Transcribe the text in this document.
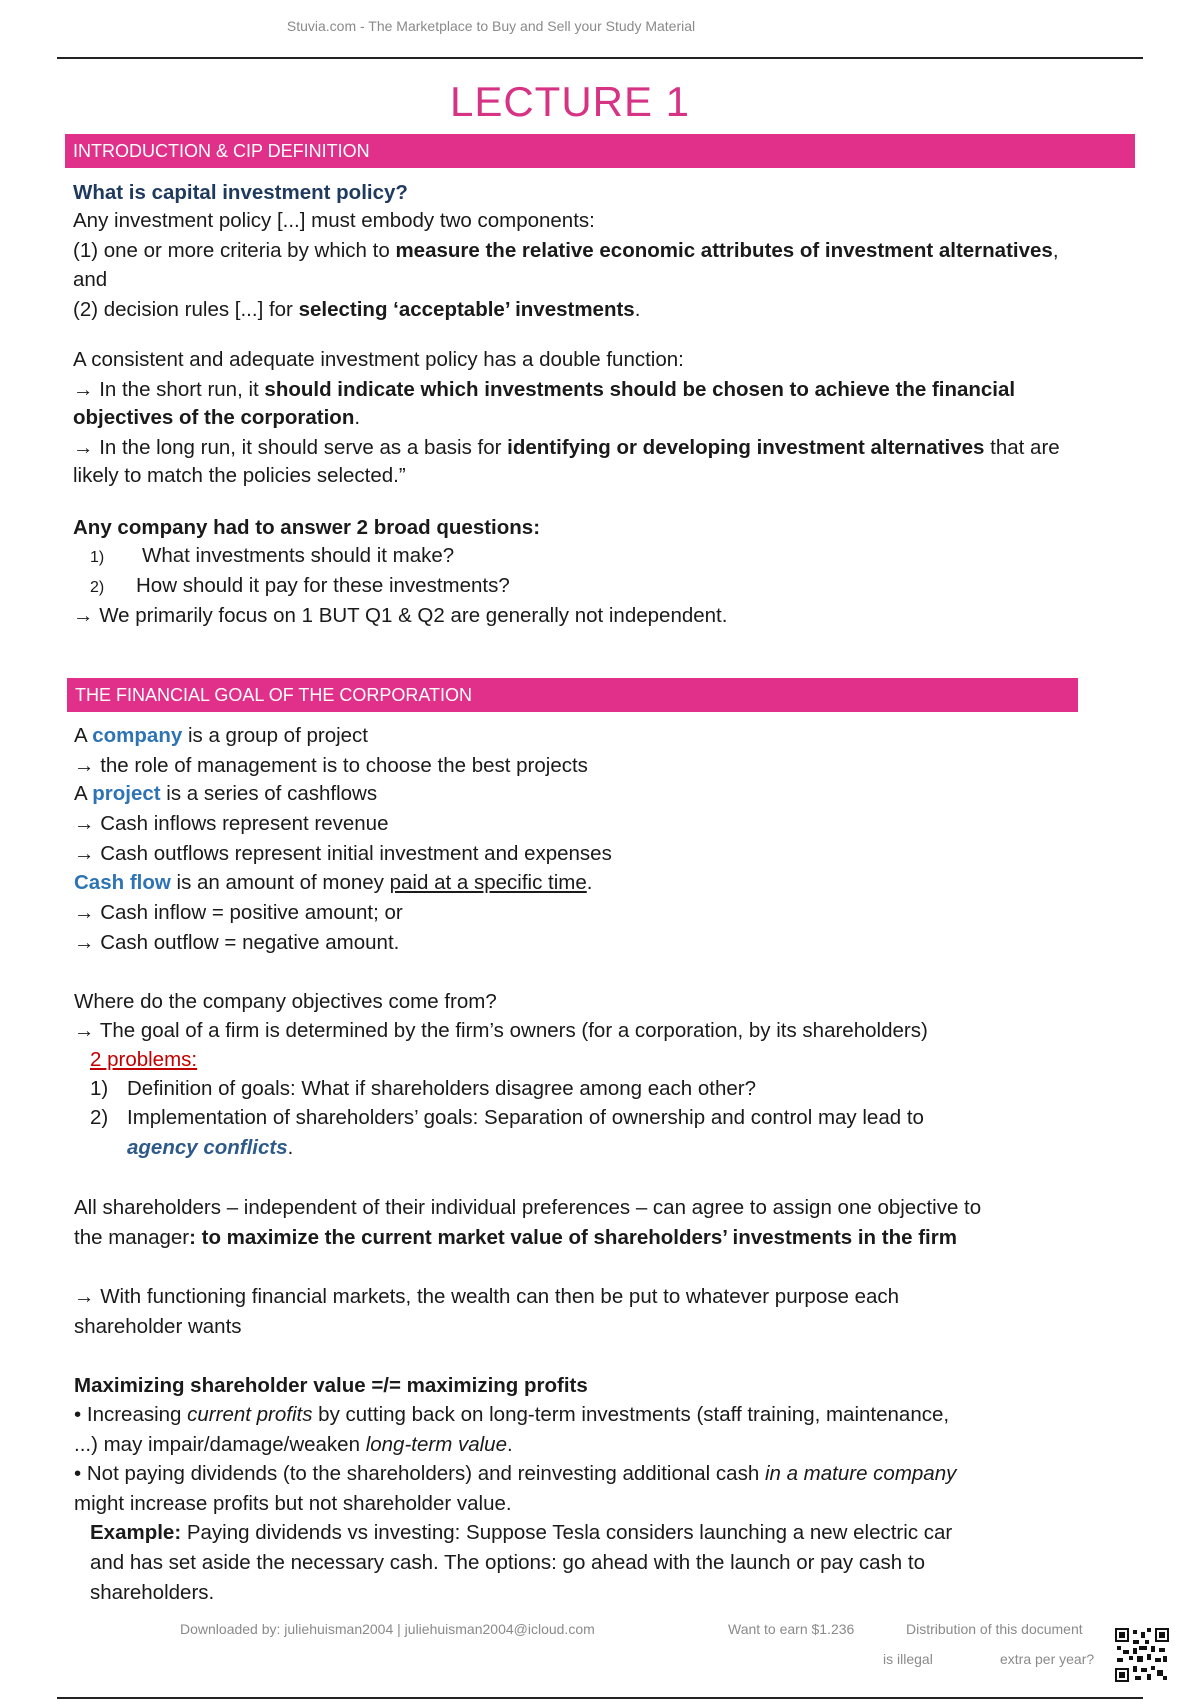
Stuvia.com - The Marketplace to Buy and Sell your Study Material
LECTURE 1
INTRODUCTION & CIP DEFINITION
What is capital investment policy?
Any investment policy [...] must embody two components:
(1) one or more criteria by which to measure the relative economic attributes of investment alternatives,
and
(2) decision rules [...] for selecting ‘acceptable’ investments.
A consistent and adequate investment policy has a double function:
→ In the short run, it should indicate which investments should be chosen to achieve the financial
objectives of the corporation.
→ In the long run, it should serve as a basis for identifying or developing investment alternatives that are
likely to match the policies selected.”
Any company had to answer 2 broad questions:
1) What investments should it make?
2) How should it pay for these investments?
→ We primarily focus on 1 BUT Q1 & Q2 are generally not independent.
THE FINANCIAL GOAL OF THE CORPORATION
A company is a group of project
→ the role of management is to choose the best projects
A project is a series of cashflows
→ Cash inflows represent revenue
→ Cash outflows represent initial investment and expenses
Cash flow is an amount of money paid at a specific time.
→ Cash inflow = positive amount; or
→ Cash outflow = negative amount.
Where do the company objectives come from?
→ The goal of a firm is determined by the firm’s owners (for a corporation, by its shareholders)
2 problems:
1) Definition of goals: What if shareholders disagree among each other?
2) Implementation of shareholders’ goals: Separation of ownership and control may lead to
agency conflicts.
All shareholders – independent of their individual preferences – can agree to assign one objective to
the manager: to maximize the current market value of shareholders’ investments in the firm
→ With functioning financial markets, the wealth can then be put to whatever purpose each
shareholder wants
Maximizing shareholder value =/= maximizing profits
• Increasing current profits by cutting back on long-term investments (staff training, maintenance,
...) may impair/damage/weaken long-term value.
• Not paying dividends (to the shareholders) and reinvesting additional cash in a mature company
might increase profits but not shareholder value.
Example: Paying dividends vs investing: Suppose Tesla considers launching a new electric car
and has set aside the necessary cash. The options: go ahead with the launch or pay cash to
shareholders.
Downloaded by: juliehuisman2004 | juliehuisman2004@icloud.com	Want to earn $1.236	Distribution of this document
is illegal	extra per year?
